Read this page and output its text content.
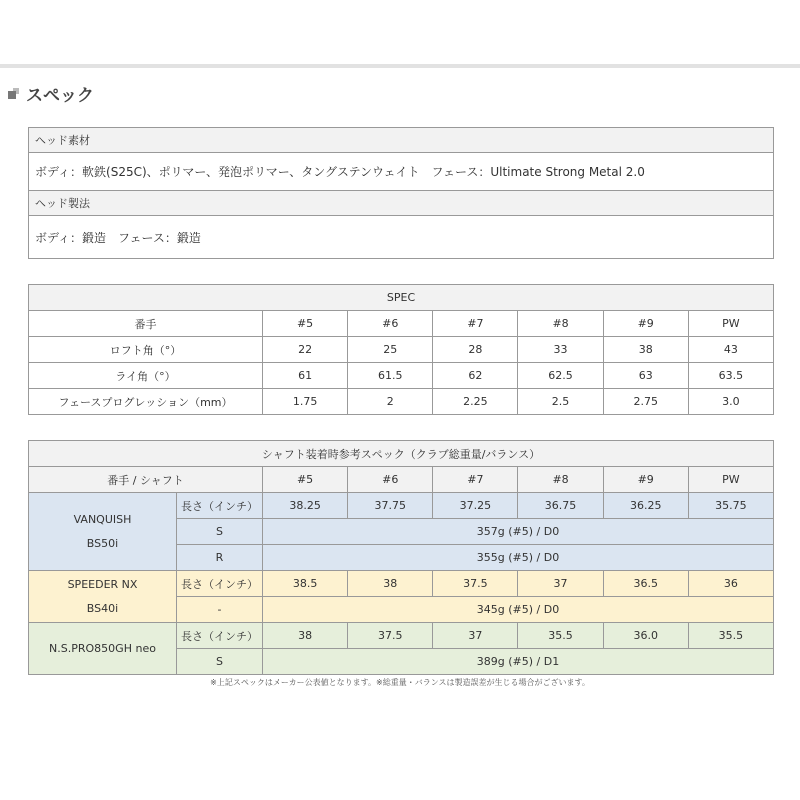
スペック
ヘッド素材
ボディ：軟鉄(S25C)、ポリマー、発泡ポリマー、タングステンウェイト　フェース：Ultimate Strong Metal 2.0
ヘッド製法
ボディ：鍛造　フェース：鍛造
SPEC						
番手	#5	#6	#7	#8	#9	PW
ロフト角（°）	22	25	28	33	38	43
ライ角（°）	61	61.5	62	62.5	63	63.5
フェースプログレッション（mm）	1.75	2	2.25	2.5	2.75	3.0
シャフト装着時参考スペック（クラブ総重量/バランス）							
番手 / シャフト		#5	#6	#7	#8	#9	PW
VANQUISH
BS50i	長さ（インチ）	38.25	37.75	37.25	36.75	36.25	35.75
	S	357g (#5) / D0					
	R	355g (#5) / D0					
SPEEDER NX
BS40i	長さ（インチ）	38.5	38	37.5	37	36.5	36
	-	345g (#5) / D0					
N.S.PRO850GH neo	長さ（インチ）	38	37.5	37	35.5	36.0	35.5
	S	389g (#5) / D1					
※上記スペックはメーカー公表値となります。※総重量・バランスは製造誤差が生じる場合がございます。
